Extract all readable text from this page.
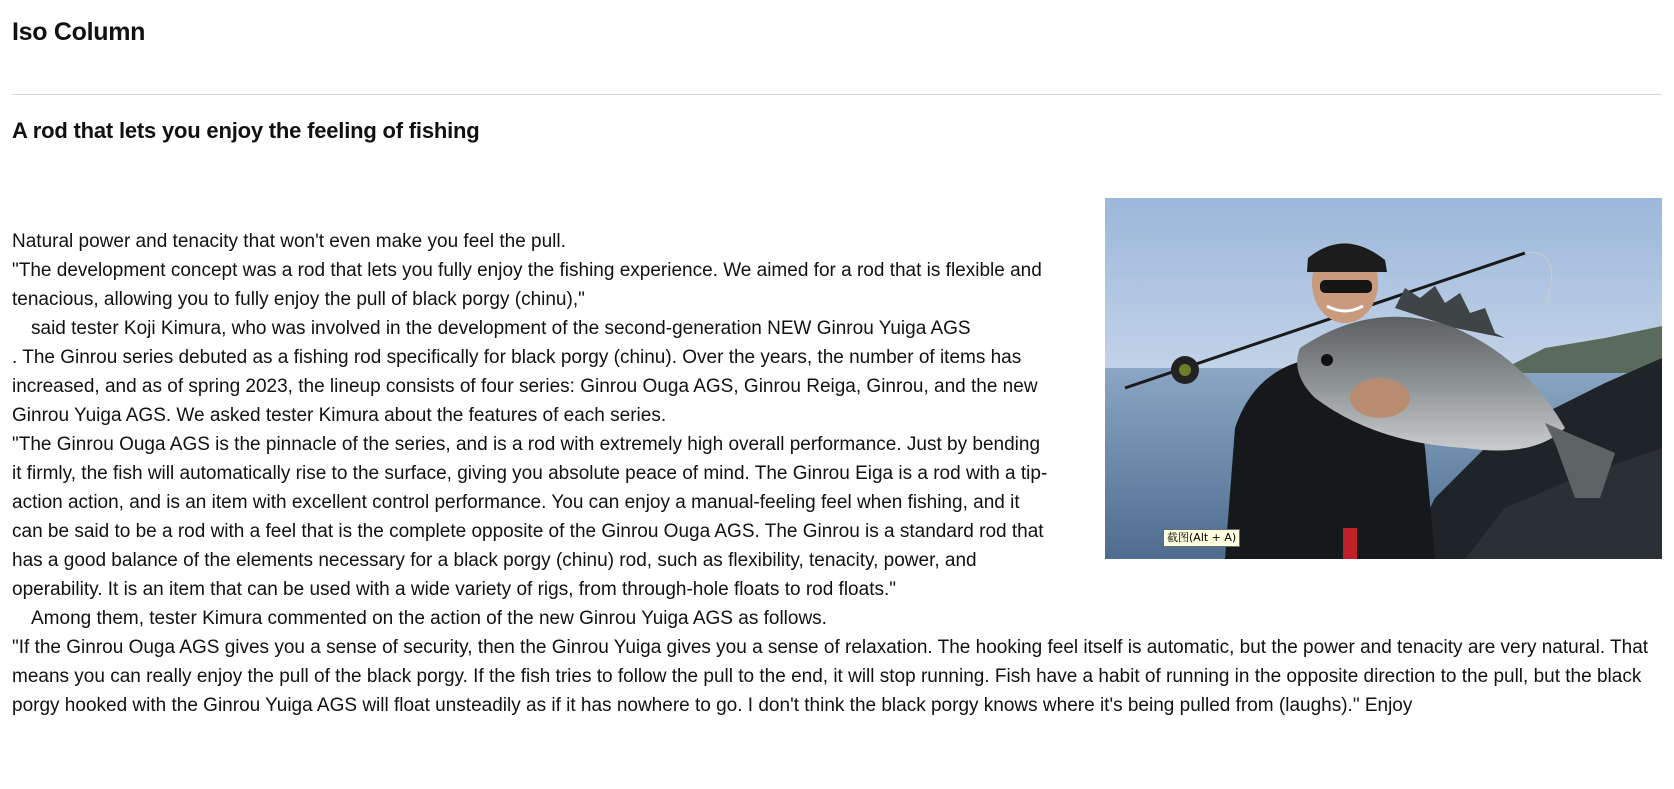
Iso Column
A rod that lets you enjoy the feeling of fishing
截图(Alt + A)

Natural power and tenacity that won't even make you feel the pull.

"The development concept was a rod that lets you fully enjoy the fishing experience. We aimed for a rod that is flexible and tenacious, allowing you to fully enjoy the pull of black porgy (chinu),"

said tester Koji Kimura, who was involved in the development of the second-generation NEW Ginrou Yuiga AGS

. The Ginrou series debuted as a fishing rod specifically for black porgy (chinu). Over the years, the number of items has increased, and as of spring 2023, the lineup consists of four series: Ginrou Ouga AGS, Ginrou Reiga, Ginrou, and the new Ginrou Yuiga AGS. We asked tester Kimura about the features of each series.

"The Ginrou Ouga AGS is the pinnacle of the series, and is a rod with extremely high overall performance. Just by bending it firmly, the fish will automatically rise to the surface, giving you absolute peace of mind. The Ginrou Eiga is a rod with a tip-action action, and is an item with excellent control performance. You can enjoy a manual-feeling feel when fishing, and it can be said to be a rod with a feel that is the complete opposite of the Ginrou Ouga AGS. The Ginrou is a standard rod that has a good balance of the elements necessary for a black porgy (chinu) rod, such as flexibility, tenacity, power, and operability. It is an item that can be used with a wide variety of rigs, from through-hole floats to rod floats."

Among them, tester Kimura commented on the action of the new Ginrou Yuiga AGS as follows.

"If the Ginrou Ouga AGS gives you a sense of security, then the Ginrou Yuiga gives you a sense of relaxation. The hooking feel itself is automatic, but the power and tenacity are very natural. That means you can really enjoy the pull of the black porgy. If the fish tries to follow the pull to the end, it will stop running. Fish have a habit of running in the opposite direction to the pull, but the black porgy hooked with the Ginrou Yuiga AGS will float unsteadily as if it has nowhere to go. I don't think the black porgy knows where it's being pulled from (laughs)." Enjoy
